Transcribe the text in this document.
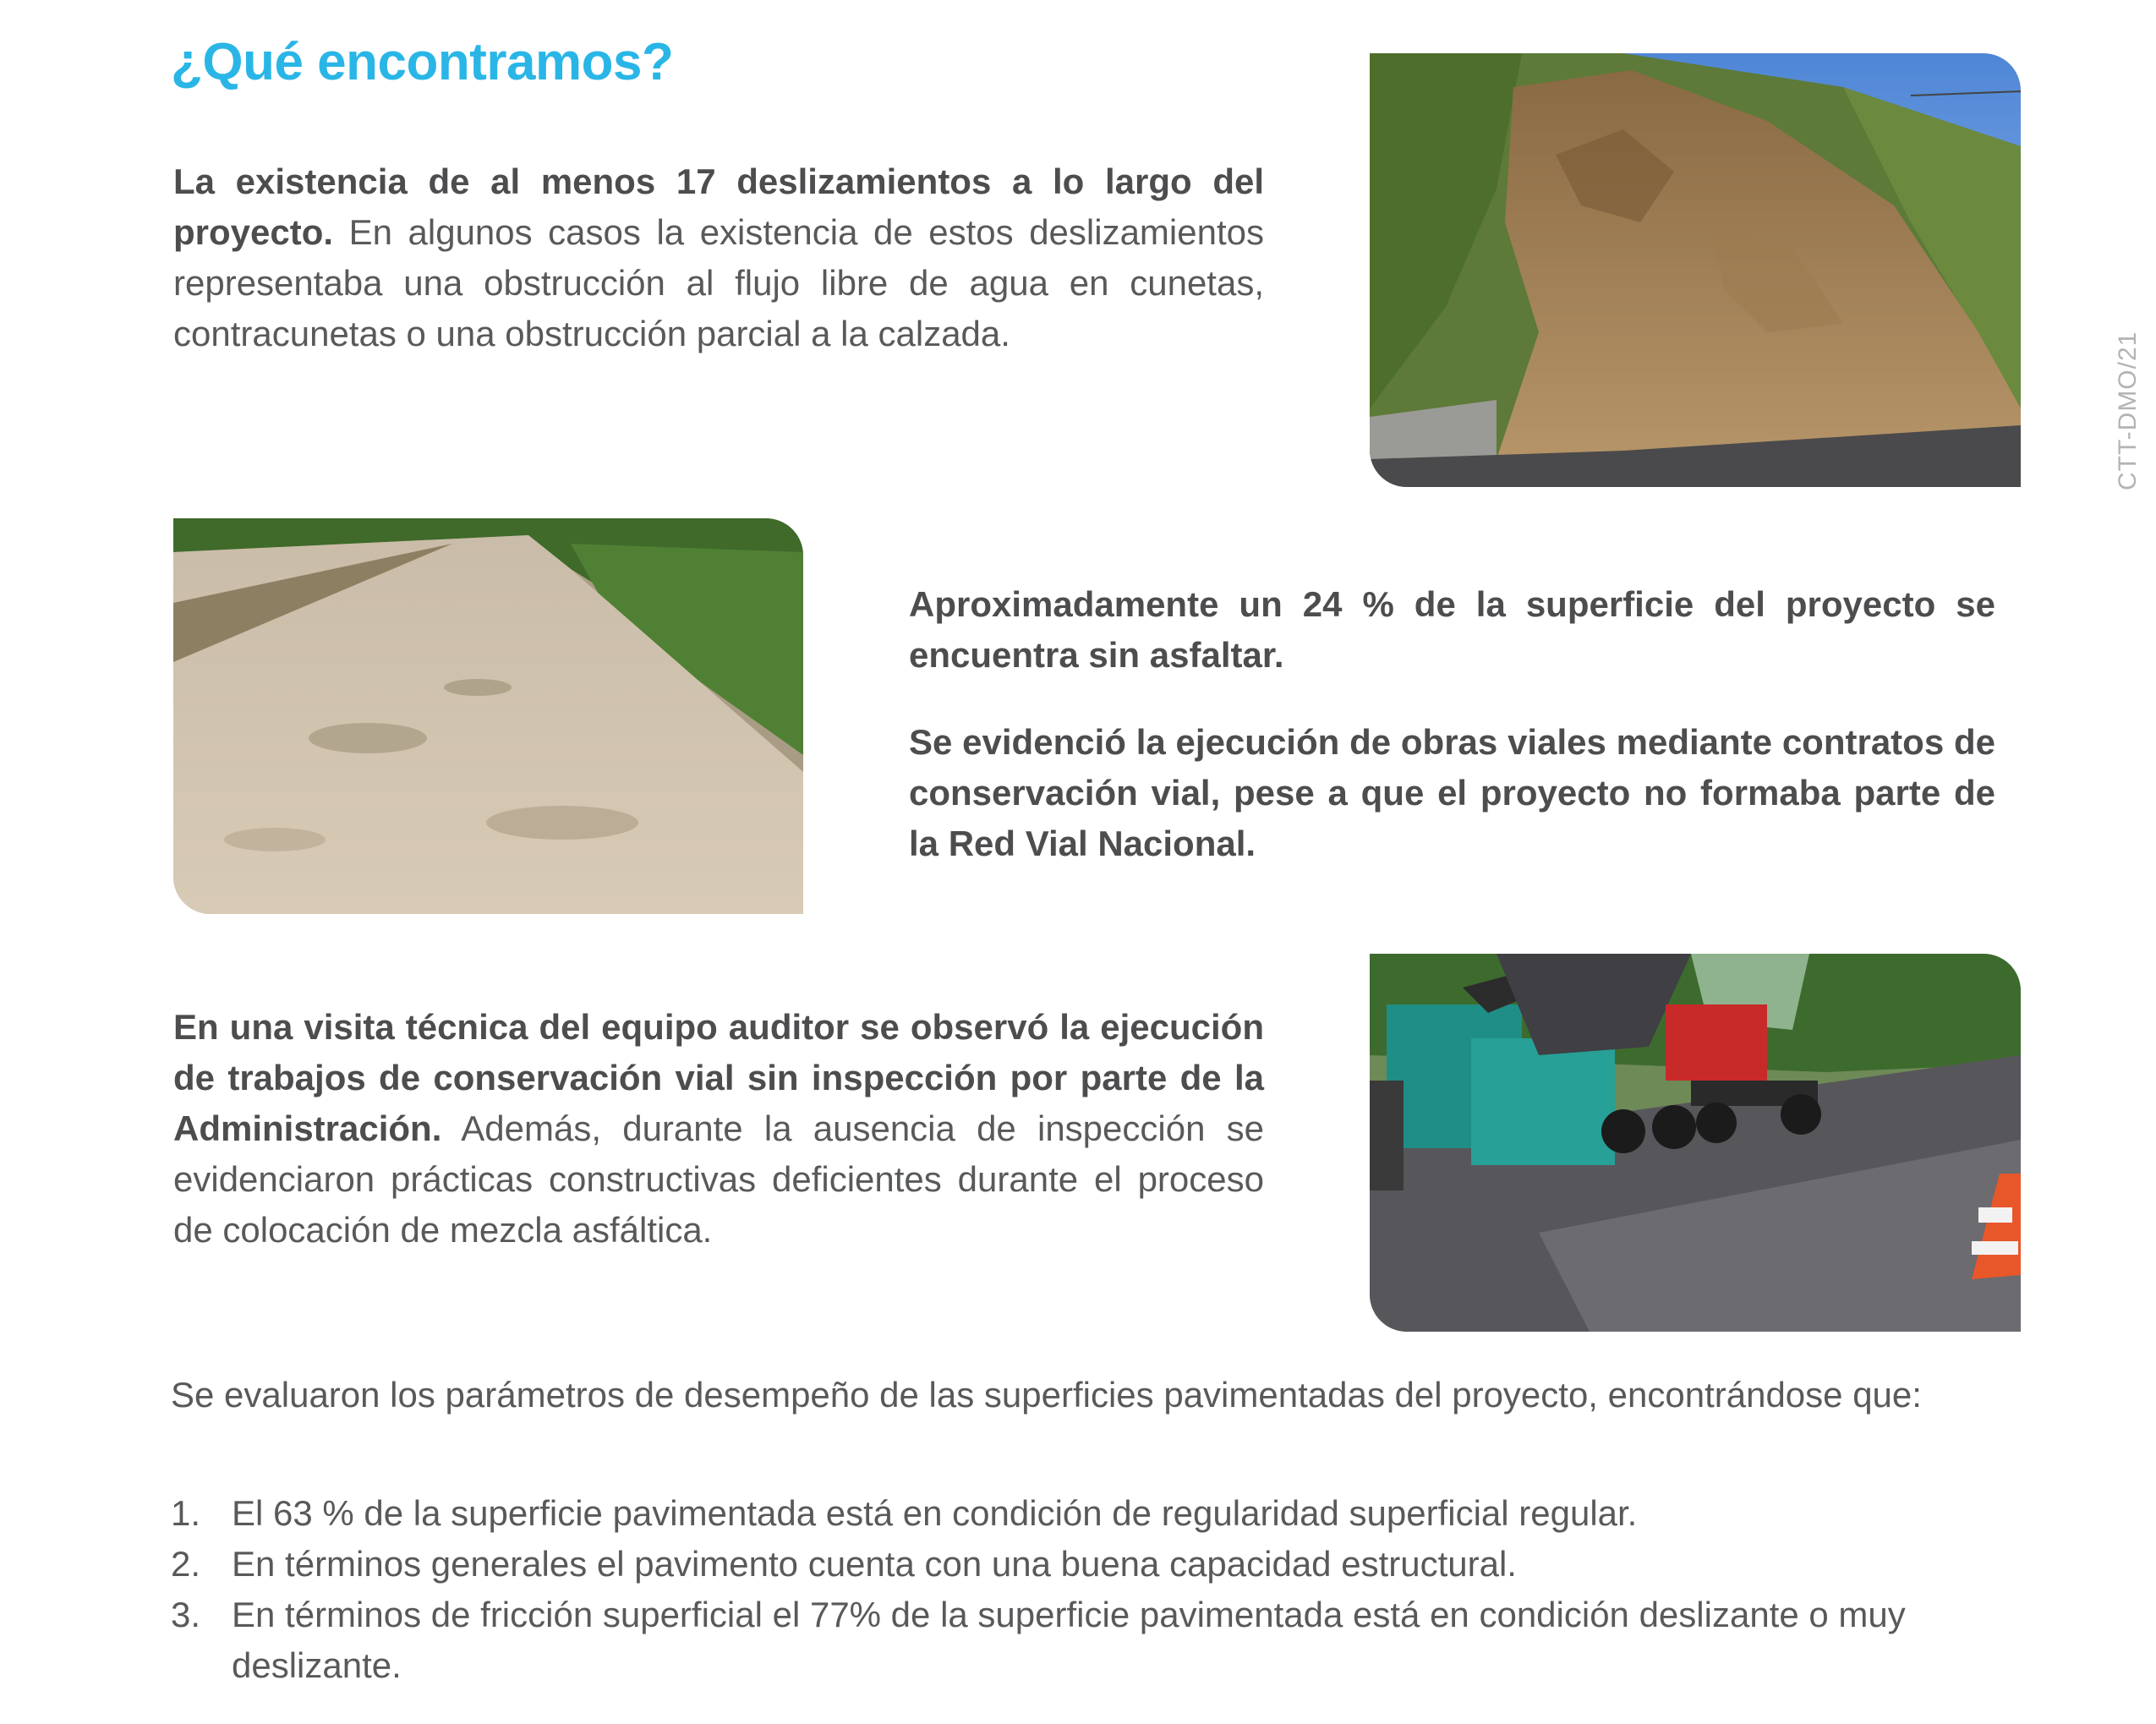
¿Qué encontramos?
CTT-DMO/21

La existencia de al menos 17 deslizamientos a lo largo del proyecto. En algunos casos la existencia de estos deslizamientos representaba una obstrucción al flujo libre de agua en cunetas, contracunetas o una obstrucción parcial a la calzada.

Aproximadamente un 24 % de la superficie del proyecto se encuentra sin asfaltar.

Se evidenció la ejecución de obras viales mediante contratos de conservación vial, pese a que el proyecto no formaba parte de la Red Vial Nacional.

En una visita técnica del equipo auditor se observó la ejecución de trabajos de conservación vial sin inspección por parte de la Administración. Además, durante la ausencia de inspección se evidenciaron prácticas constructivas deficientes durante el proceso de colocación de mezcla asfáltica.

Se evaluaron los parámetros de desempeño de las superficies pavimentadas del proyecto, encontrándose que:

1. El 63 % de la superficie pavimentada está en condición de regularidad superficial regular.
2. En términos generales el pavimento cuenta con una buena capacidad estructural.
3. En términos de fricción superficial el 77% de la superficie pavimentada está en condición deslizante o muy deslizante.
